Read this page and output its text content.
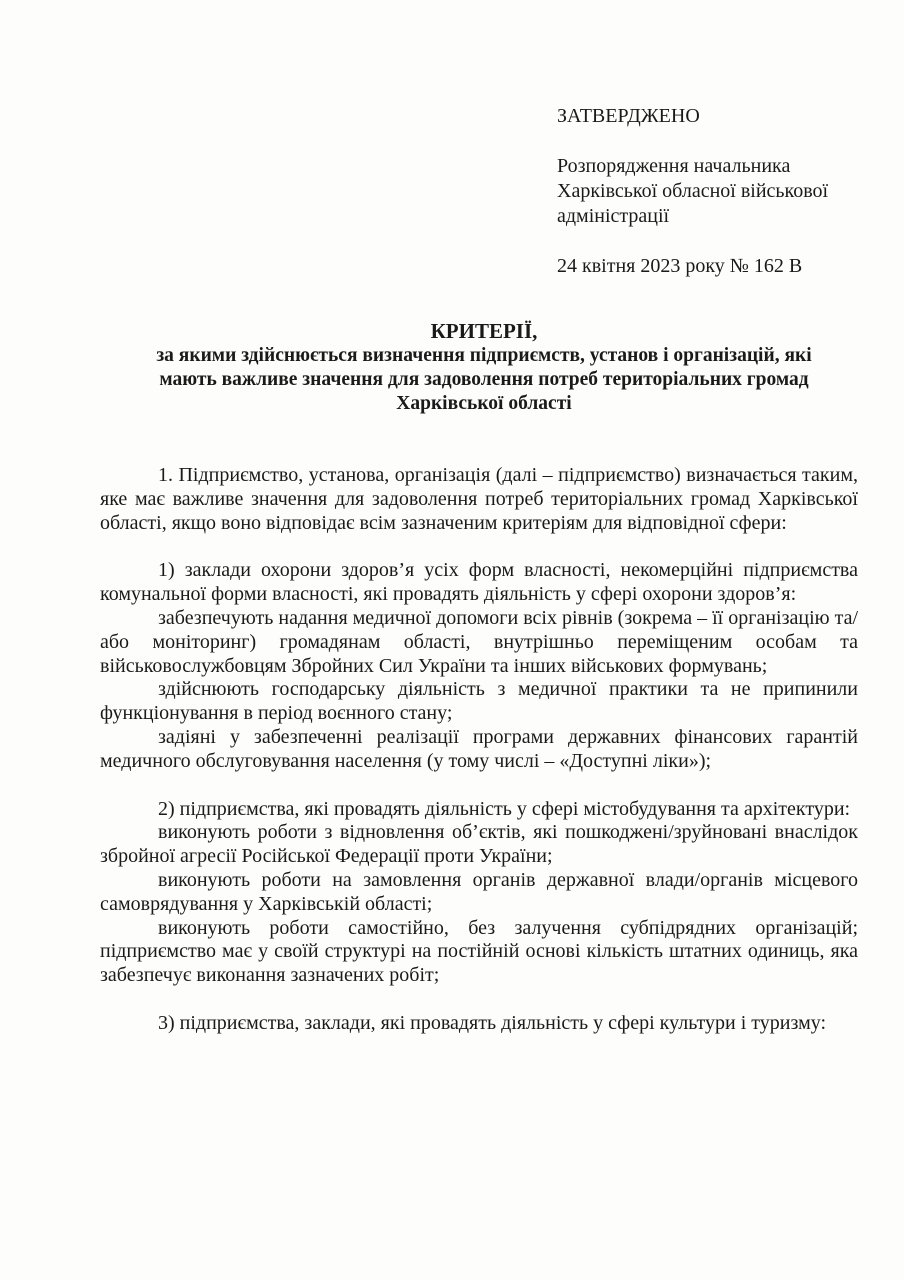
ЗАТВЕРДЖЕНО
Розпорядження начальника
Харківської обласної військової
адміністрації
24 квітня 2023 року № 162 В

КРИТЕРІЇ,

за якими здійснюється визначення підприємств, установ і організацій, які

мають важливе значення для задоволення потреб територіальних громад

Харківської області

1. Підприємство, установа, організація (далі – підприємство) визначається таким, яке має важливе значення для задоволення потреб територіальних громад Харківської області, якщо воно відповідає всім зазначеним критеріям для відповідної сфери:

1) заклади охорони здоров’я усіх форм власності, некомерційні підприємства комунальної форми власності, які провадять діяльність у сфері охорони здоров’я:

забезпечують надання медичної допомоги всіх рівнів (зокрема – її організацію та/або моніторинг) громадянам області, внутрішньо переміщеним особам та військовослужбовцям Збройних Сил України та інших військових формувань;

здійснюють господарську діяльність з медичної практики та не припинили функціонування в період воєнного стану;

задіяні у забезпеченні реалізації програми державних фінансових гарантій медичного обслуговування населення (у тому числі – «Доступні ліки»);

2) підприємства, які провадять діяльність у сфері містобудування та архітектури:

виконують роботи з відновлення об’єктів, які пошкоджені/зруйновані внаслідок збройної агресії Російської Федерації проти України;

виконують роботи на замовлення органів державної влади/органів місцевого самоврядування у Харківській області;

виконують роботи самостійно, без залучення субпідрядних організацій; підприємство має у своїй структурі на постійній основі кількість штатних одиниць, яка забезпечує виконання зазначених робіт;

3) підприємства, заклади, які провадять діяльність у сфері культури і туризму:
